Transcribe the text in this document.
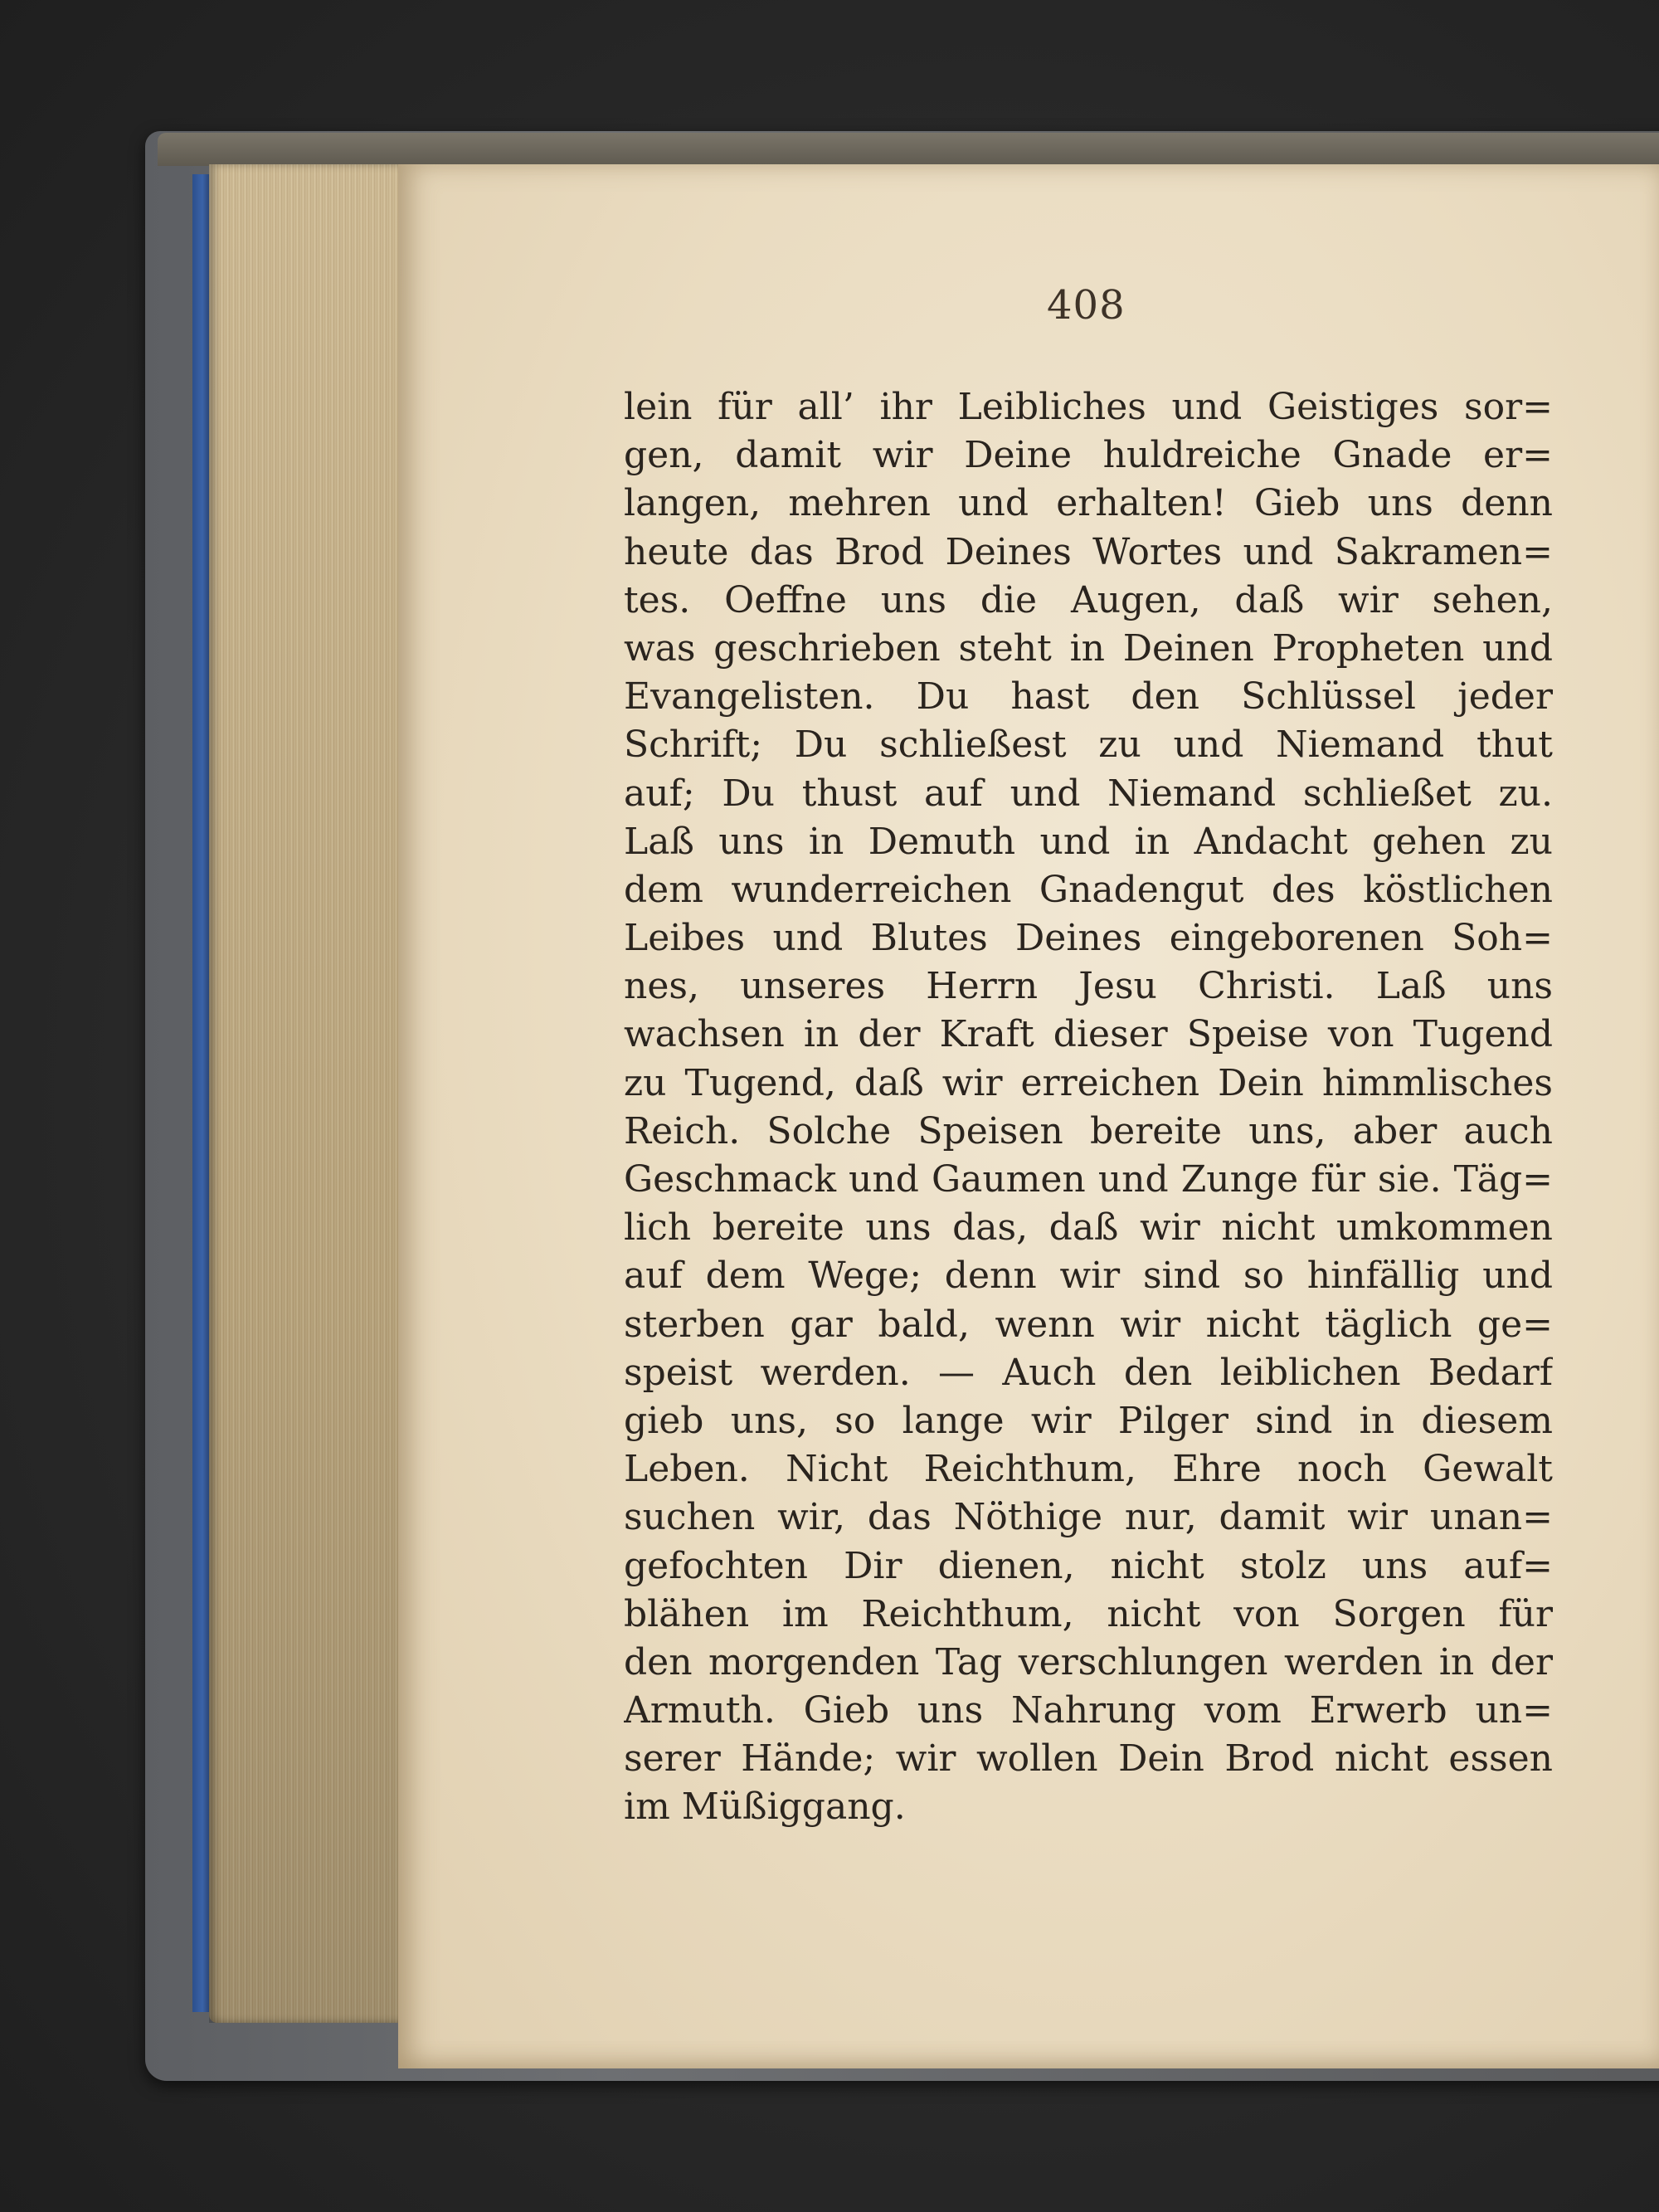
408
lein für all’ ihr Leibliches und Geistiges sor=
gen, damit wir Deine huldreiche Gnade er=
langen, mehren und erhalten! Gieb uns denn
heute das Brod Deines Wortes und Sakramen=
tes. Oeffne uns die Augen, daß wir sehen,
was geschrieben steht in Deinen Propheten und
Evangelisten. Du hast den Schlüssel jeder
Schrift; Du schließest zu und Niemand thut
auf; Du thust auf und Niemand schließet zu.
Laß uns in Demuth und in Andacht gehen zu
dem wunderreichen Gnadengut des köstlichen
Leibes und Blutes Deines eingeborenen Soh=
nes, unseres Herrn Jesu Christi. Laß uns
wachsen in der Kraft dieser Speise von Tugend
zu Tugend, daß wir erreichen Dein himmlisches
Reich. Solche Speisen bereite uns, aber auch
Geschmack und Gaumen und Zunge für sie. Täg=
lich bereite uns das, daß wir nicht umkommen
auf dem Wege; denn wir sind so hinfällig und
sterben gar bald, wenn wir nicht täglich ge=
speist werden. — Auch den leiblichen Bedarf
gieb uns, so lange wir Pilger sind in diesem
Leben. Nicht Reichthum, Ehre noch Gewalt
suchen wir, das Nöthige nur, damit wir unan=
gefochten Dir dienen, nicht stolz uns auf=
blähen im Reichthum, nicht von Sorgen für
den morgenden Tag verschlungen werden in der
Armuth. Gieb uns Nahrung vom Erwerb un=
serer Hände; wir wollen Dein Brod nicht essen
im Müßiggang.
